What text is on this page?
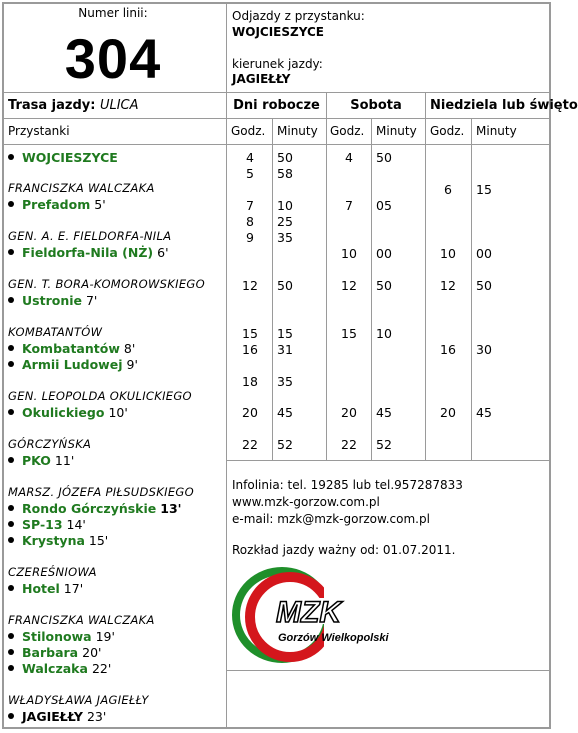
Numer linii:
304
Odjazdy z przystanku:
WOJCIESZYCE
kierunek jazdy:
JAGIEŁŁY
Trasa jazdy: ULICA
Przystanki
Dni robocze	Sobota	Niedziela lub święto
Godz. Minuty Godz. Minuty Godz. Minuty
WOJCIESZYCE
FRANCISZKA WALCZAKA
Prefadom 5'
GEN. A. E. FIELDORFA-NILA
Fieldorfa-Nila (NŻ) 6'
GEN. T. BORA-KOMOROWSKIEGO
Ustronie 7'
KOMBATANTÓW
Kombatantów 8'
Armii Ludowej 9'
GEN. LEOPOLDA OKULICKIEGO
Okulickiego 10'
GÓRCZYŃSKA
PKO 11'
MARSZ. JÓZEFA PIŁSUDSKIEGO
Rondo Górczyńskie 13'
SP-13 14'
Krystyna 15'
CZEREŚNIOWA
Hotel 17'
FRANCISZKA WALCZAKA
Stilonowa 19'
Barbara 20'
Walczaka 22'
WŁADYSŁAWA JAGIEŁŁY
JAGIEŁŁY 23'
4 50
5 58
7 10
8 25
9 35
12 50
15 15
16 31
18 35
20 45
22 52
4 50
7 05
10 00
12 50
15 10
20 45
22 52
6 15
10 00
12 50
16 30
20 45
Infolinia: tel. 19285 lub tel.957287833
www.mzk-gorzow.com.pl
e-mail: mzk@mzk-gorzow.com.pl
Rozkład jazdy ważny od: 01.07.2011.
MZK
Gorzów Wielkopolski
